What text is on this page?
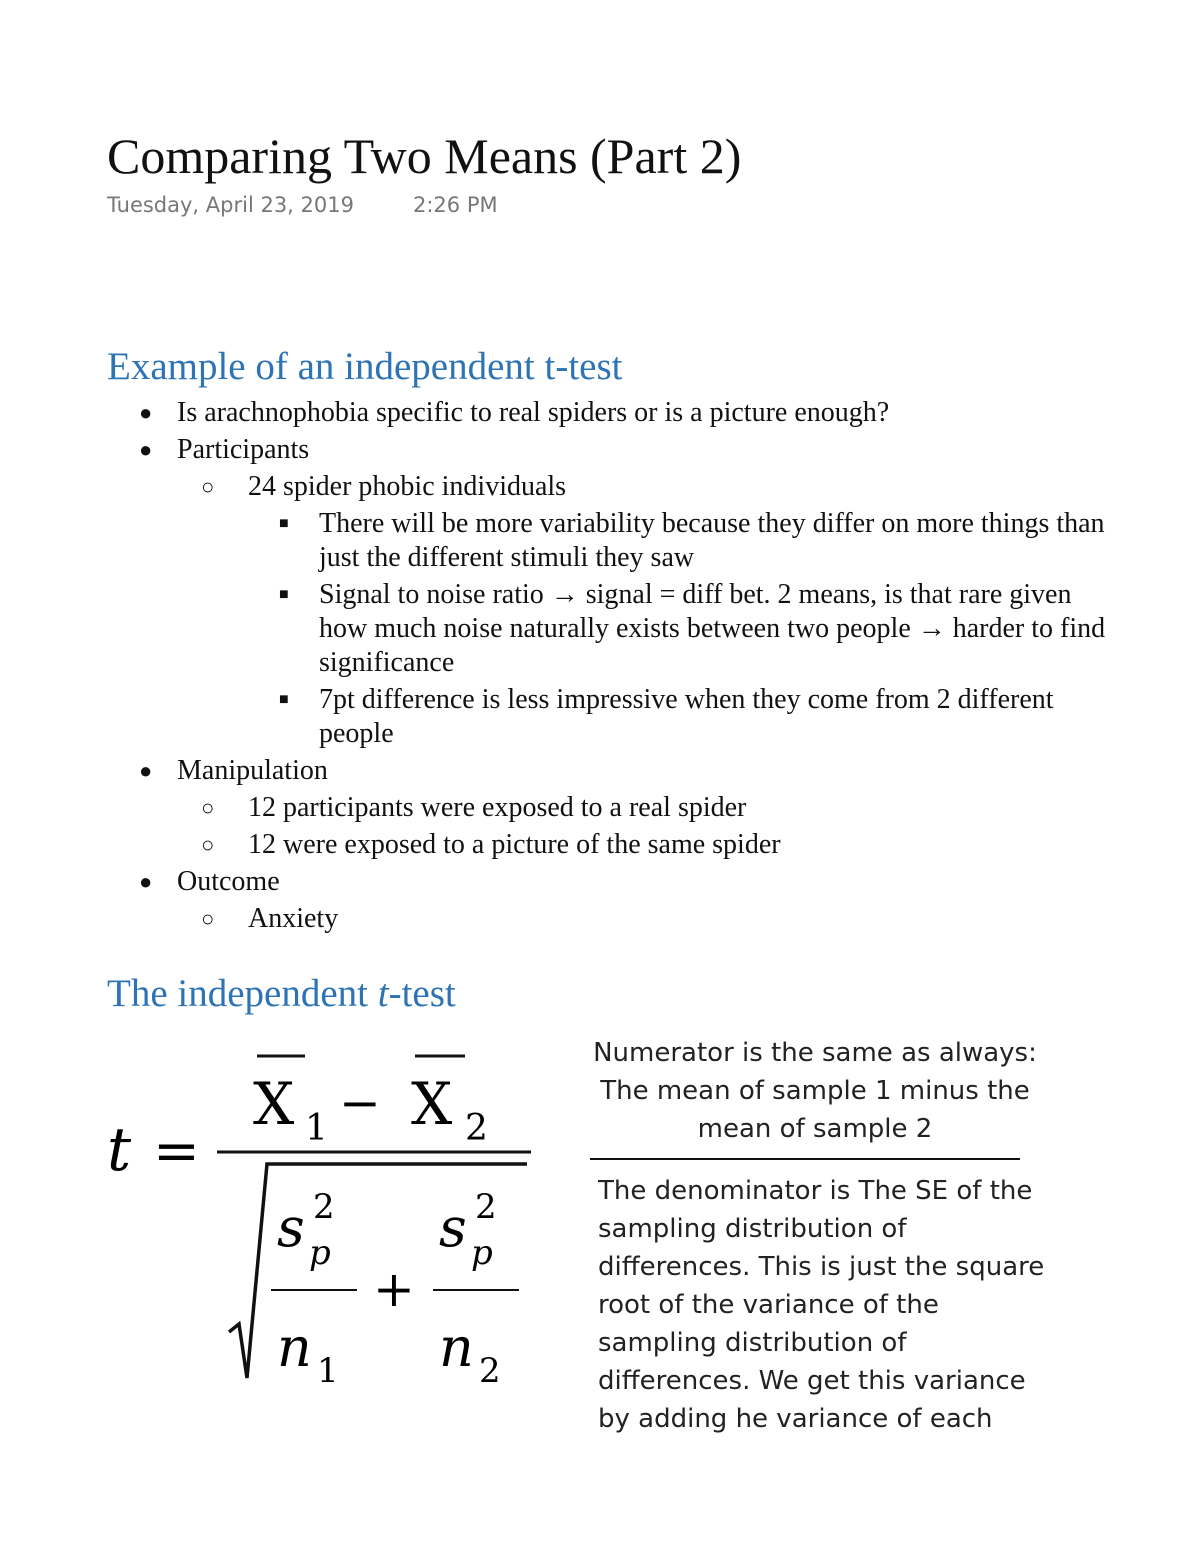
Comparing Two Means (Part 2)
Tuesday, April 23, 2019	2:26 PM
Example of an independent t-test
● Is arachnophobia specific to real spiders or is a picture enough?
● Participants
○ 24 spider phobic individuals
■ There will be more variability because they differ on more things than just the different stimuli they saw
■ Signal to noise ratio → signal = diff bet. 2 means, is that rare given how much noise naturally exists between two people → harder to find significance
■ 7pt difference is less impressive when they come from 2 different people
● Manipulation
○ 12 participants were exposed to a real spider
○ 12 were exposed to a picture of the same spider
● Outcome
○ Anxiety
The independent t-test
t =
X 1 − X 2
s 2
p
n 1
+
s 2
p
n 2
Numerator is the same as always: The mean of sample 1 minus the mean of sample 2
The denominator is The SE of the sampling distribution of differences. This is just the square root of the variance of the sampling distribution of differences. We get this variance by adding he variance of each
